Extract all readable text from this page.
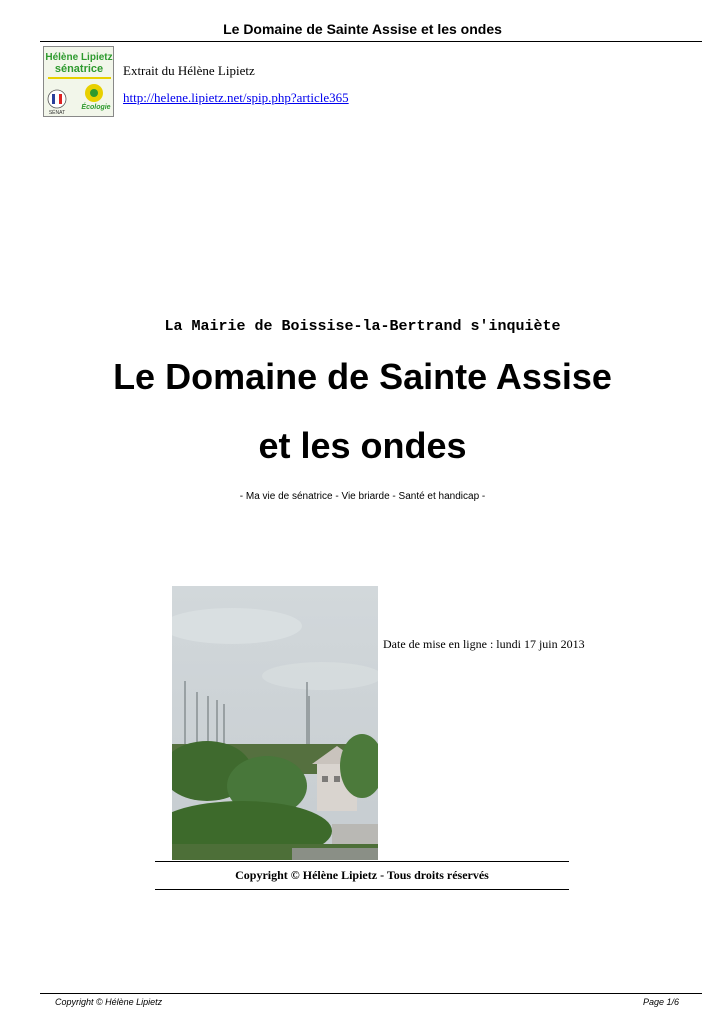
Le Domaine de Sainte Assise et les ondes
Hélène Lipietz
sénatrice
SÉNAT
Écologie
Extrait du Hélène Lipietz
http://helene.lipietz.net/spip.php?article365
La Mairie de Boissise-la-Bertrand s'inquiète
Le Domaine de Sainte Assise
et les ondes
- Ma vie de sénatrice - Vie briarde - Santé et handicap -
Date de mise en ligne : lundi 17 juin 2013
Copyright © Hélène Lipietz - Tous droits réservés
Copyright © Hélène Lipietz	Page 1/6
